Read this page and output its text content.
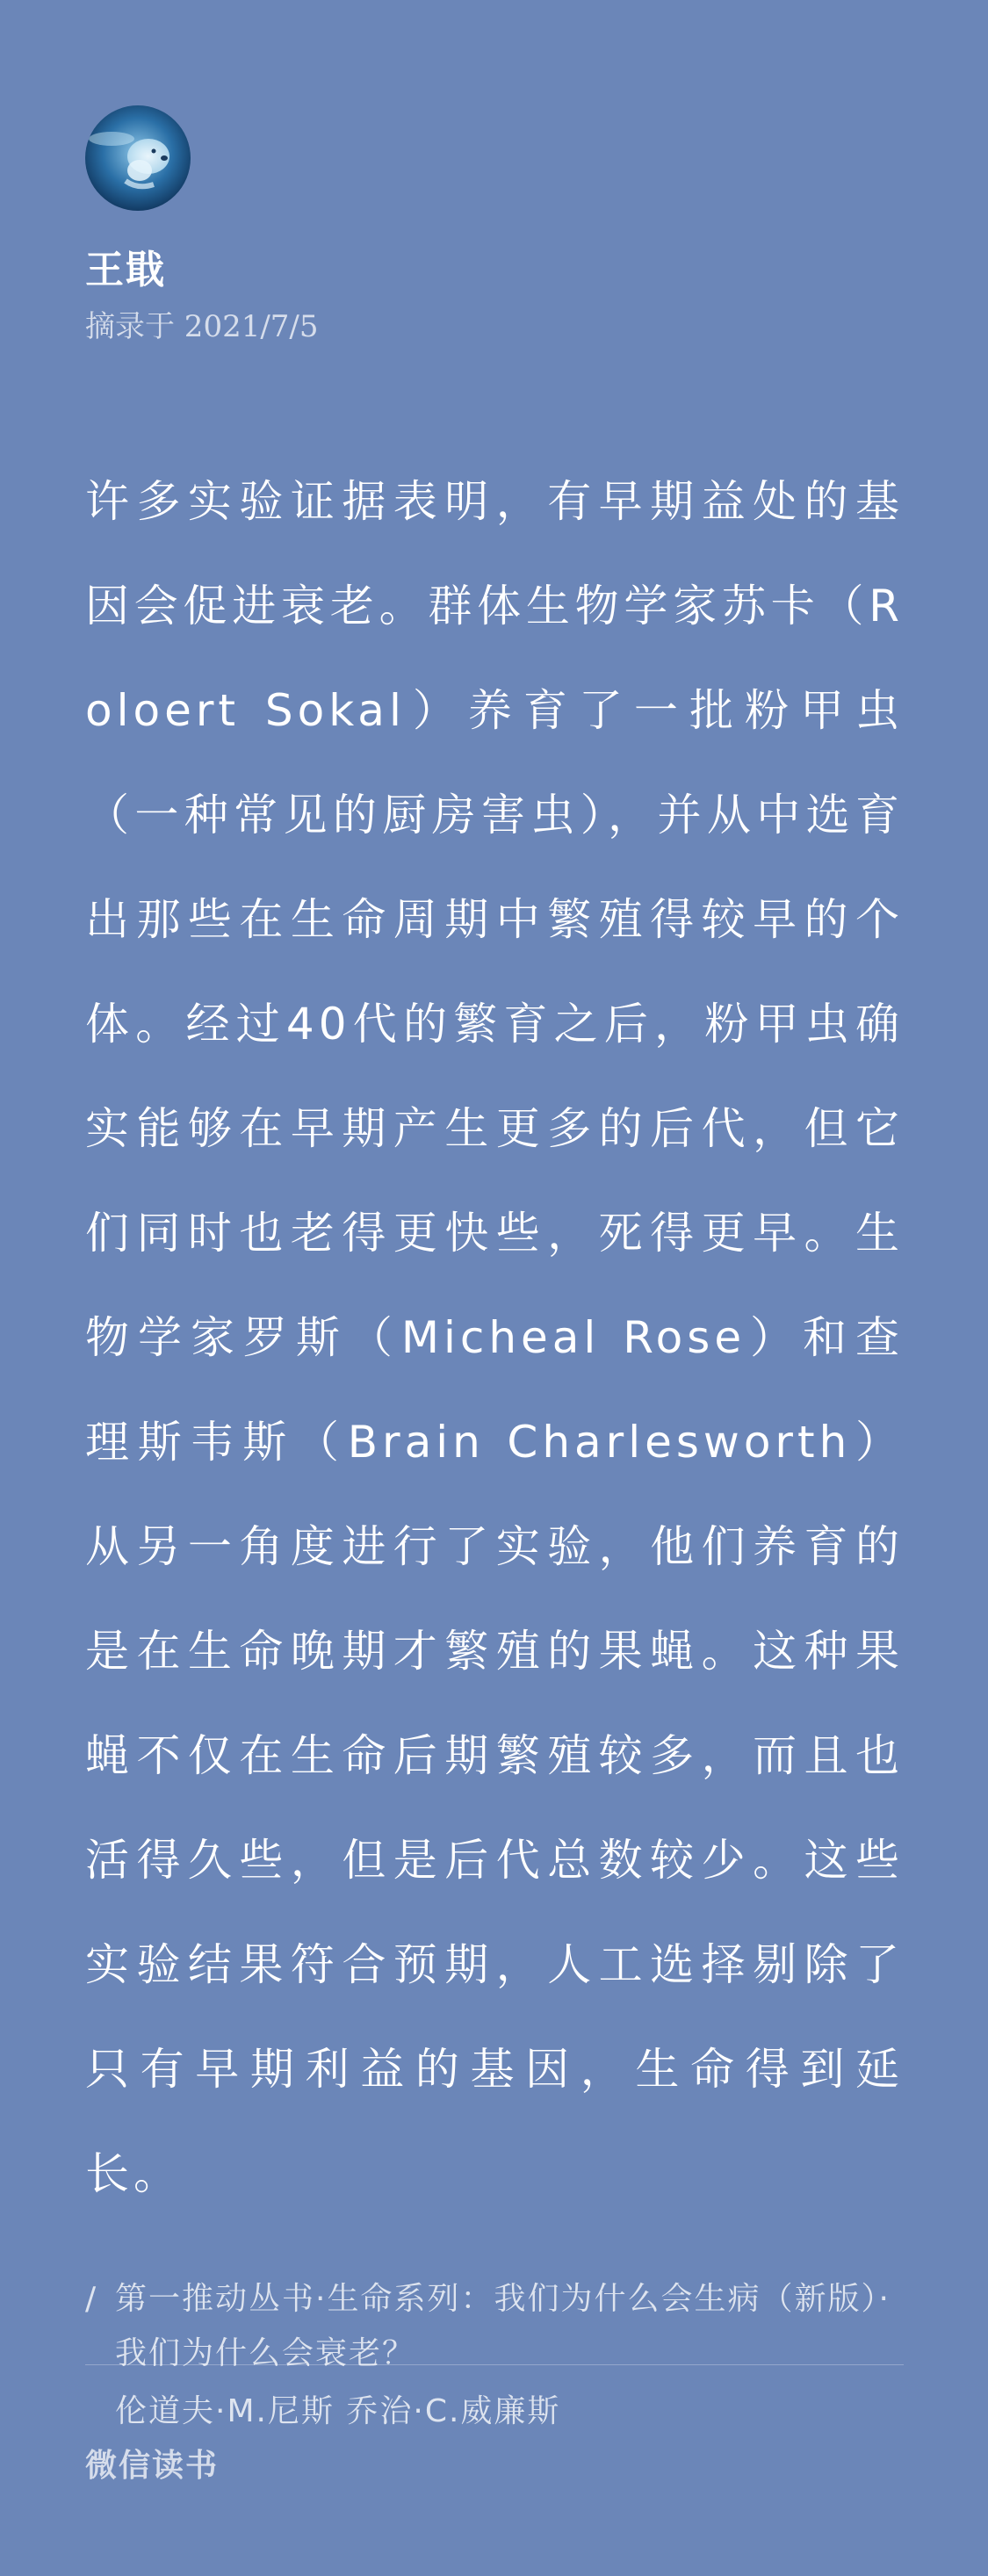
王戢
摘录于 2021/7/5
许多实验证据表明，有早期益处的基因会促进衰老。群体生物学家苏卡（Roloert Sokal）养育了一批粉甲虫（一种常见的厨房害虫），并从中选育出那些在生命周期中繁殖得较早的个体。经过40代的繁育之后，粉甲虫确实能够在早期产生更多的后代，但它们同时也老得更快些，死得更早。生物学家罗斯（Micheal Rose）和查理斯韦斯（Brain Charlesworth）从另一角度进行了实验，他们养育的是在生命晚期才繁殖的果蝇。这种果蝇不仅在生命后期繁殖较多，而且也活得久些，但是后代总数较少。这些实验结果符合预期，人工选择剔除了只有早期利益的基因，生命得到延长。
/ 第一推动丛书·生命系列：我们为什么会生病（新版）· 我们为什么会衰老？
伦道夫·M.尼斯 乔治·C.威廉斯
微信读书
